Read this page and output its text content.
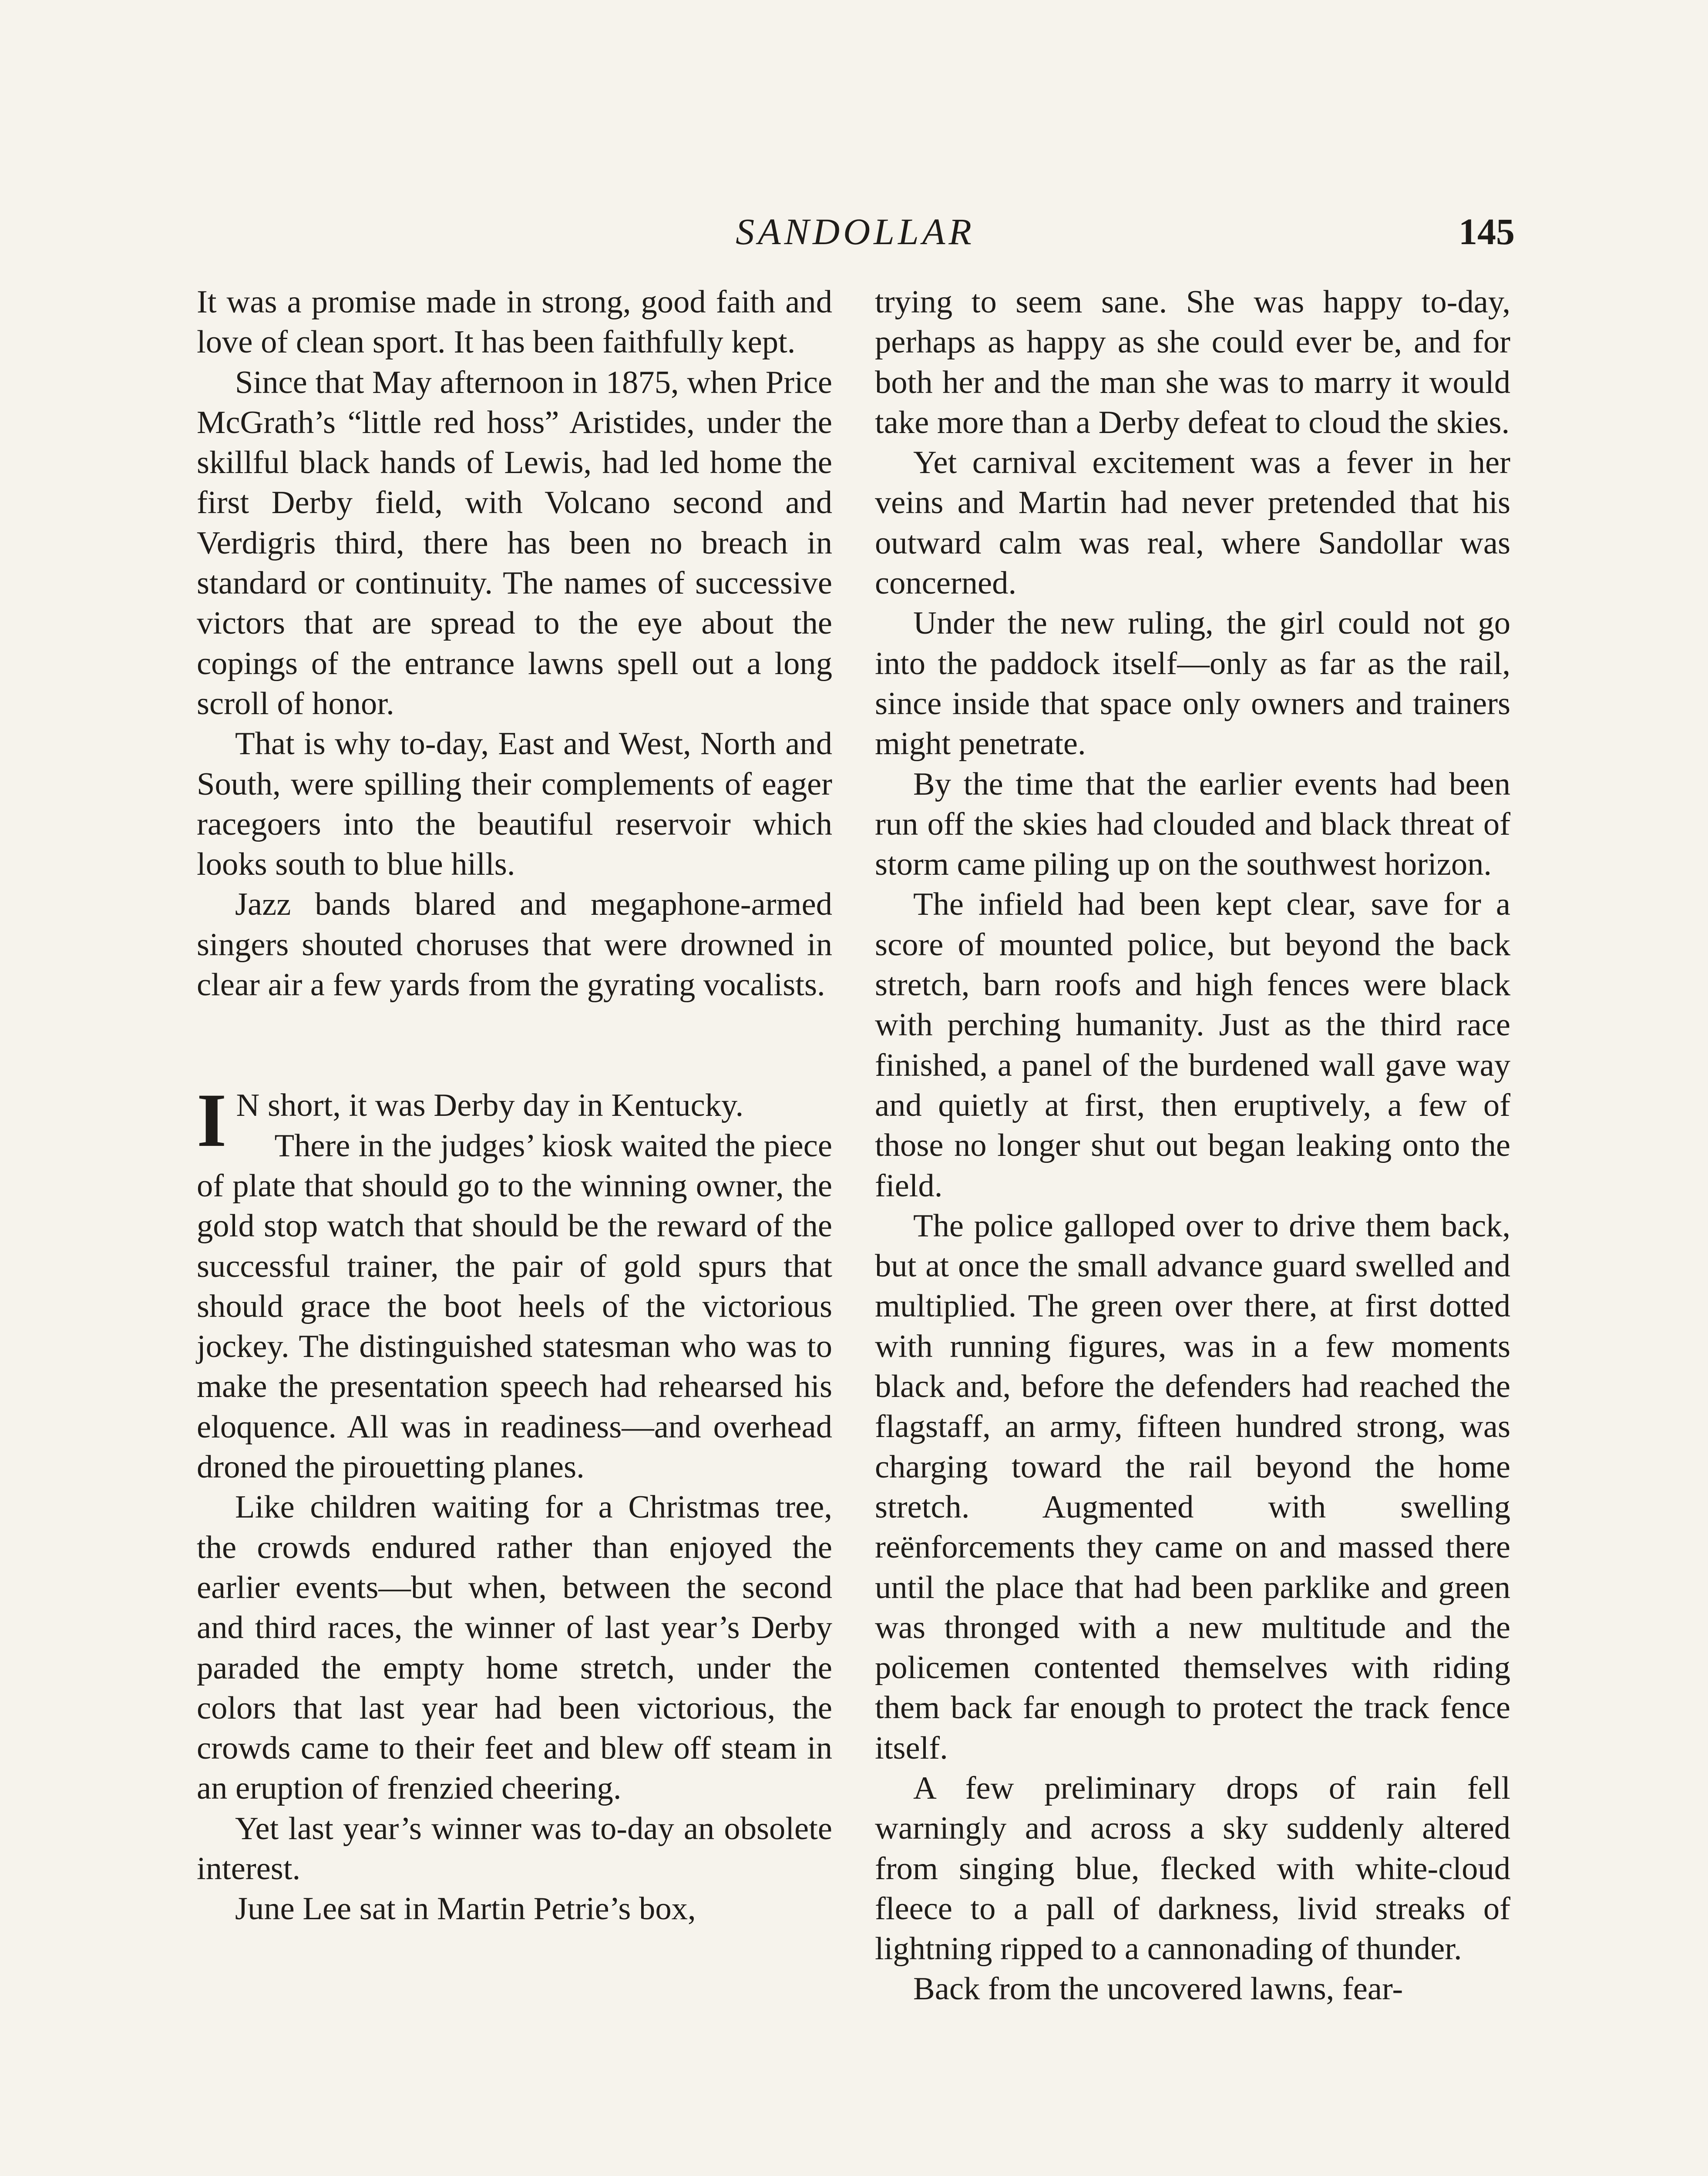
SANDOLLAR	145

It was a promise made in strong, good faith and love of clean sport. It has been faithfully kept.

Since that May afternoon in 1875, when Price McGrath’s “little red hoss” Aristides, under the skillful black hands of Lewis, had led home the first Derby field, with Volcano second and Verdigris third, there has been no breach in standard or continuity. The names of successive victors that are spread to the eye about the copings of the entrance lawns spell out a long scroll of honor.

That is why to-day, East and West, North and South, were spilling their complements of eager racegoers into the beautiful reservoir which looks south to blue hills.

Jazz bands blared and megaphone-armed singers shouted choruses that were drowned in clear air a few yards from the gyrating vocalists.

I N short, it was Derby day in Kentucky.

There in the judges’ kiosk waited the piece of plate that should go to the winning owner, the gold stop watch that should be the reward of the successful trainer, the pair of gold spurs that should grace the boot heels of the victorious jockey. The distinguished statesman who was to make the presentation speech had rehearsed his eloquence. All was in readiness—and overhead droned the pirouetting planes.

Like children waiting for a Christmas tree, the crowds endured rather than enjoyed the earlier events—but when, between the second and third races, the winner of last year’s Derby paraded the empty home stretch, under the colors that last year had been victorious, the crowds came to their feet and blew off steam in an eruption of frenzied cheering.

Yet last year’s winner was to-day an obsolete interest.

June Lee sat in Martin Petrie’s box,

trying to seem sane. She was happy to-day, perhaps as happy as she could ever be, and for both her and the man she was to marry it would take more than a Derby defeat to cloud the skies.

Yet carnival excitement was a fever in her veins and Martin had never pretended that his outward calm was real, where Sandollar was concerned.

Under the new ruling, the girl could not go into the paddock itself—only as far as the rail, since inside that space only owners and trainers might penetrate.

By the time that the earlier events had been run off the skies had clouded and black threat of storm came piling up on the southwest horizon.

The infield had been kept clear, save for a score of mounted police, but beyond the back stretch, barn roofs and high fences were black with perching humanity. Just as the third race finished, a panel of the burdened wall gave way and quietly at first, then eruptively, a few of those no longer shut out began leaking onto the field.

The police galloped over to drive them back, but at once the small advance guard swelled and multiplied. The green over there, at first dotted with running figures, was in a few moments black and, before the defenders had reached the flagstaff, an army, fifteen hundred strong, was charging toward the rail beyond the home stretch. Augmented with swelling reënforcements they came on and massed there until the place that had been parklike and green was thronged with a new multitude and the policemen contented themselves with riding them back far enough to protect the track fence itself.

A few preliminary drops of rain fell warningly and across a sky suddenly altered from singing blue, flecked with white-cloud fleece to a pall of darkness, livid streaks of lightning ripped to a cannonading of thunder.

Back from the uncovered lawns, fear-
